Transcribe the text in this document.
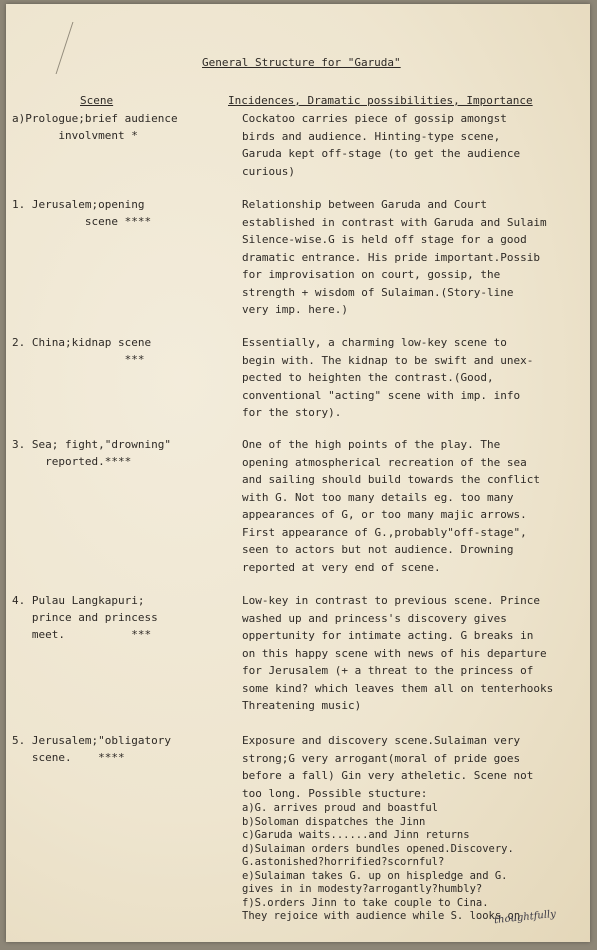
General Structure for "Garuda"
Scene	Incidences, Dramatic possibilities, Importance
a)Prologue;brief audience
involvment *
Cockatoo carries piece of gossip amongst
birds and audience. Hinting-type scene,
Garuda kept off-stage (to get the audience
curious)
1. Jerusalem;opening
scene ****
Relationship between Garuda and Court
established in contrast with Garuda and Sulaim
Silence-wise.G is held off stage for a good
dramatic entrance. His pride important.Possib
for improvisation on court, gossip, the
strength + wisdom of Sulaiman.(Story-line
very imp. here.)
2. China;kidnap scene
***
Essentially, a charming low-key scene to
begin with. The kidnap to be swift and unex-
pected to heighten the contrast.(Good,
conventional "acting" scene with imp. info
for the story).
3. Sea; fight,"drowning"
reported.****
One of the high points of the play. The
opening atmospherical recreation of the sea
and sailing should build towards the conflict
with G. Not too many details eg. too many
appearances of G, or too many majic arrows.
First appearance of G.,probably"off-stage",
seen to actors but not audience. Drowning
reported at very end of scene.
4. Pulau Langkapuri;
prince and princess
meet.          ***
Low-key in contrast to previous scene. Prince
washed up and princess's discovery gives
oppertunity for intimate acting. G breaks in
on this happy scene with news of his departure
for Jerusalem (+ a threat to the princess of
some kind? which leaves them all on tenterhooks
Threatening music)
5. Jerusalem;"obligatory
scene.    ****
Exposure and discovery scene.Sulaiman very
strong;G very arrogant(moral of pride goes
before a fall) Gin very atheletic. Scene not
too long. Possible stucture:
a)G. arrives proud and boastful
b)Soloman dispatches the Jinn
c)Garuda waits......and Jinn returns
d)Sulaiman orders bundles opened.Discovery.
G.astonished?horrified?scornful?
e)Sulaiman takes G. up on hispledge and G.
gives in in modesty?arrogantly?humbly?
f)S.orders Jinn to take couple to Cina.
They rejoice with audience while S. looks on
thoughtfully
